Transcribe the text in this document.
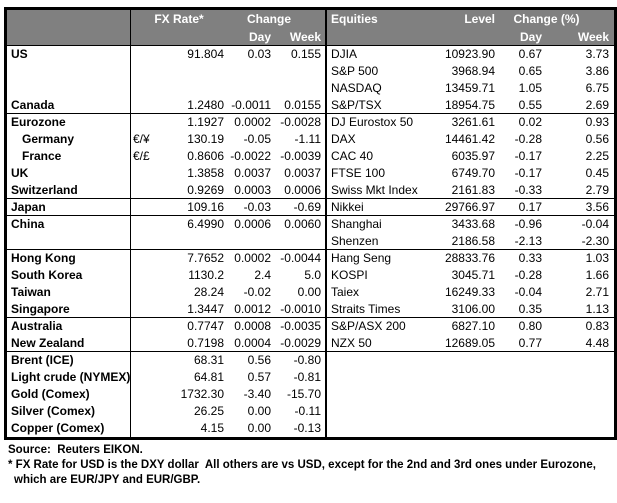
FX Rate*	Change	Equities	Level	Change (%)
Day	Week	Day	Week
US	91.804	0.03	0.155 DJIA	10923.90	0.67	3.73
S&P 500	3968.94	0.65	3.86
NASDAQ	13459.71	1.05	6.75
Canada	1.2480 -0.0011	0.0155 S&P/TSX	18954.75	0.55	2.69
Eurozone	1.1927 0.0002 -0.0028 DJ Eurostox 50	3261.61	0.02	0.93
Germany	€/¥	130.19	-0.05	-1.11 DAX	14461.42	-0.28	0.56
France	€/£	0.8606 -0.0022 -0.0039 CAC 40	6035.97	-0.17	2.25
UK	1.3858 0.0037	0.0037 FTSE 100	6749.70	-0.17	0.45
Switzerland	0.9269 0.0003	0.0006 Swiss Mkt Index	2161.83	-0.33	2.79
Japan	109.16	-0.03	-0.69 Nikkei	29766.97	0.17	3.56
China	6.4990 0.0006	0.0060 Shanghai	3433.68	-0.96	-0.04
Shenzen	2186.58	-2.13	-2.30
Hong Kong	7.7652 0.0002 -0.0044 Hang Seng	28833.76	0.33	1.03
South Korea	1130.2	2.4	5.0 KOSPI	3045.71	-0.28	1.66
Taiwan	28.24	-0.02	0.00 Taiex	16249.33	-0.04	2.71
Singapore	1.3447 0.0012 -0.0010 Straits Times	3106.00	0.35	1.13
Australia	0.7747 0.0008 -0.0035 S&P/ASX 200	6827.10	0.80	0.83
New Zealand	0.7198 0.0004 -0.0029 NZX 50	12689.05	0.77	4.48
Brent (ICE)	68.31	0.56	-0.80
Light crude (NYMEX)	64.81	0.57	-0.81
Gold (Comex)	1732.30	-3.40	-15.70
Silver (Comex)	26.25	0.00	-0.11
Copper (Comex)	4.15	0.00	-0.13
Source:  Reuters EIKON.
* FX Rate for USD is the DXY dollar  All others are vs USD, except for the 2nd and 3rd ones under Eurozone,
which are EUR/JPY and EUR/GBP.
